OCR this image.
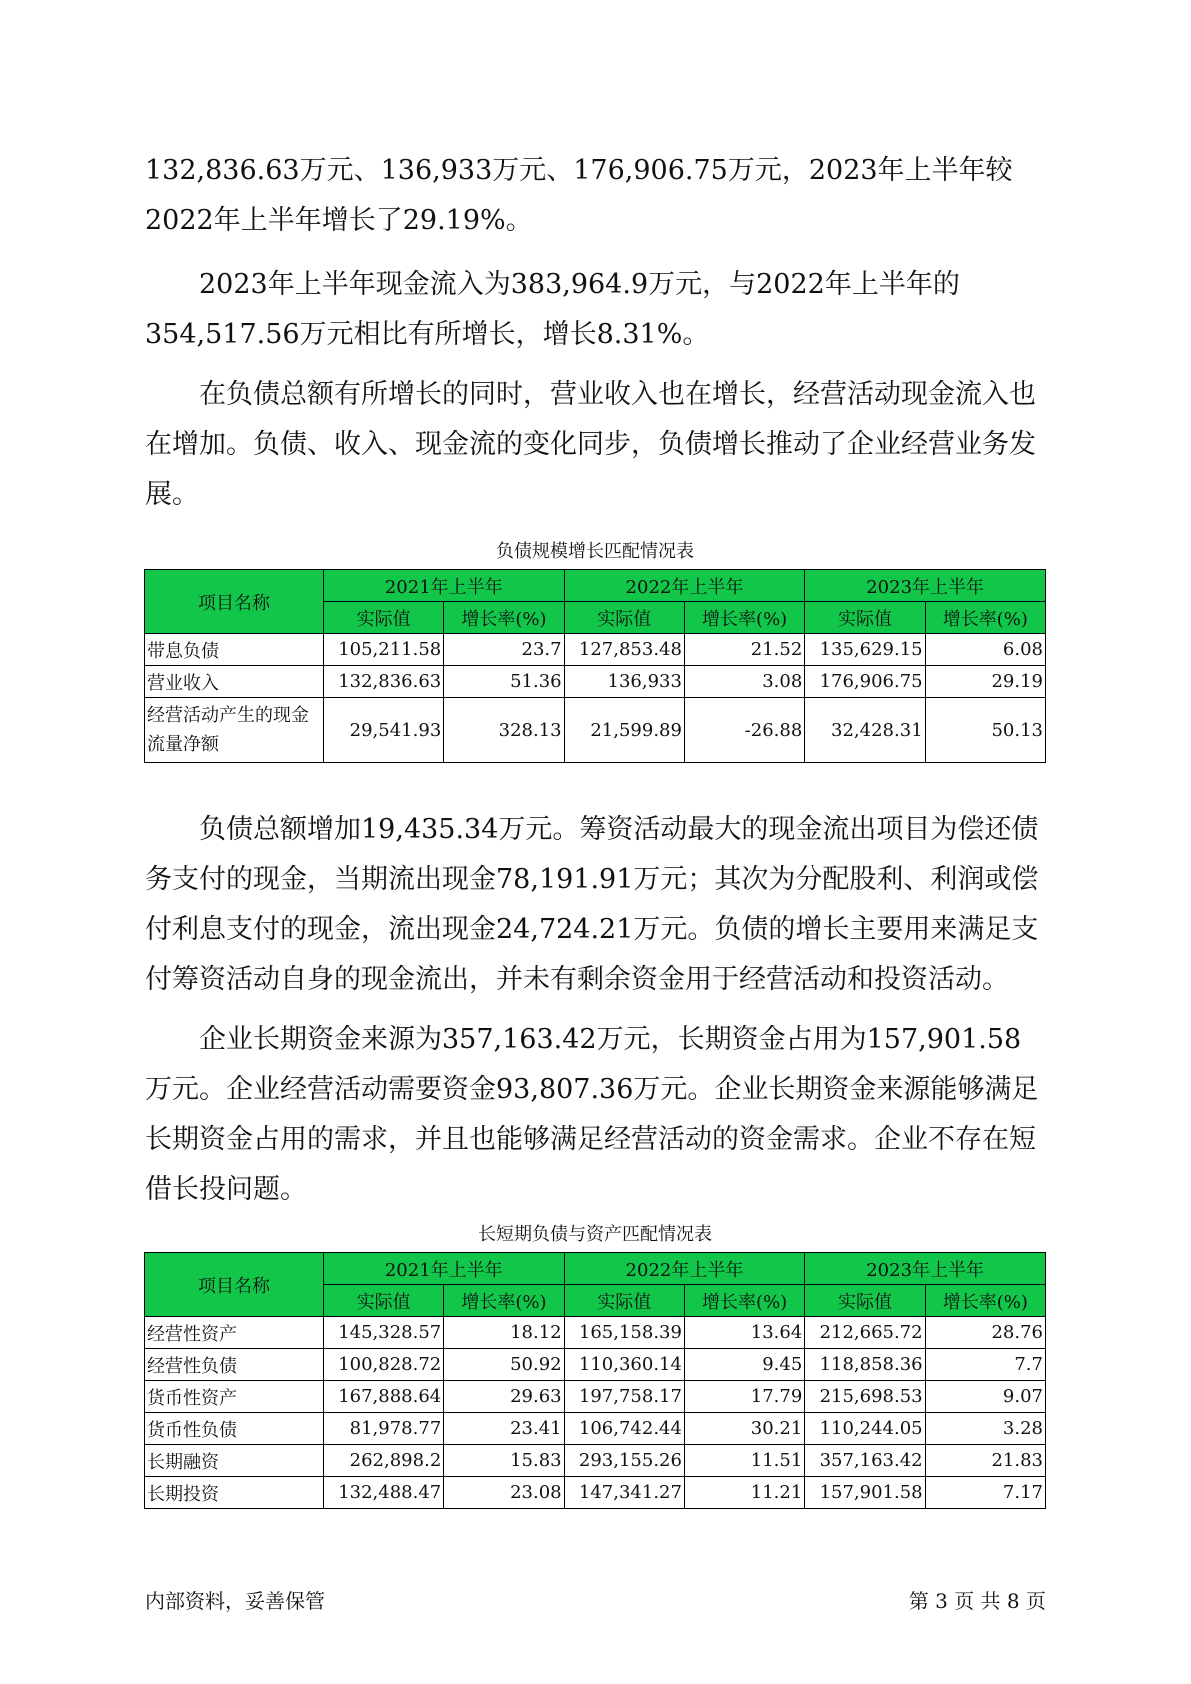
132,836.63万元、136,933万元、176,906.75万元，2023年上半年较2022年上半年增长了29.19%。

2023年上半年现金流入为383,964.9万元，与2022年上半年的354,517.56万元相比有所增长，增长8.31%。

在负债总额有所增长的同时，营业收入也在增长，经营活动现金流入也在增加。负债、收入、现金流的变化同步，负债增长推动了企业经营业务发展。

负债规模增长匹配情况表
项目名称	2021年上半年		2022年上半年		2023年上半年	
	实际值	增长率(%)	实际值	增长率(%)	实际值	增长率(%)
带息负债	105,211.58	23.7	127,853.48	21.52	135,629.15	6.08
营业收入	132,836.63	51.36	136,933	3.08	176,906.75	29.19
经营活动产生的现金流量净额	29,541.93	328.13	21,599.89	-26.88	32,428.31	50.13

负债总额增加19,435.34万元。筹资活动最大的现金流出项目为偿还债务支付的现金，当期流出现金78,191.91万元；其次为分配股利、利润或偿付利息支付的现金，流出现金24,724.21万元。负债的增长主要用来满足支付筹资活动自身的现金流出，并未有剩余资金用于经营活动和投资活动。

企业长期资金来源为357,163.42万元，长期资金占用为157,901.58万元。企业经营活动需要资金93,807.36万元。企业长期资金来源能够满足长期资金占用的需求，并且也能够满足经营活动的资金需求。企业不存在短借长投问题。

长短期负债与资产匹配情况表
项目名称	2021年上半年		2022年上半年		2023年上半年	
	实际值	增长率(%)	实际值	增长率(%)	实际值	增长率(%)
经营性资产	145,328.57	18.12	165,158.39	13.64	212,665.72	28.76
经营性负债	100,828.72	50.92	110,360.14	9.45	118,858.36	7.7
货币性资产	167,888.64	29.63	197,758.17	17.79	215,698.53	9.07
货币性负债	81,978.77	23.41	106,742.44	30.21	110,244.05	3.28
长期融资	262,898.2	15.83	293,155.26	11.51	357,163.42	21.83
长期投资	132,488.47	23.08	147,341.27	11.21	157,901.58	7.17
内部资料，妥善保管	第 3 页 共 8 页
